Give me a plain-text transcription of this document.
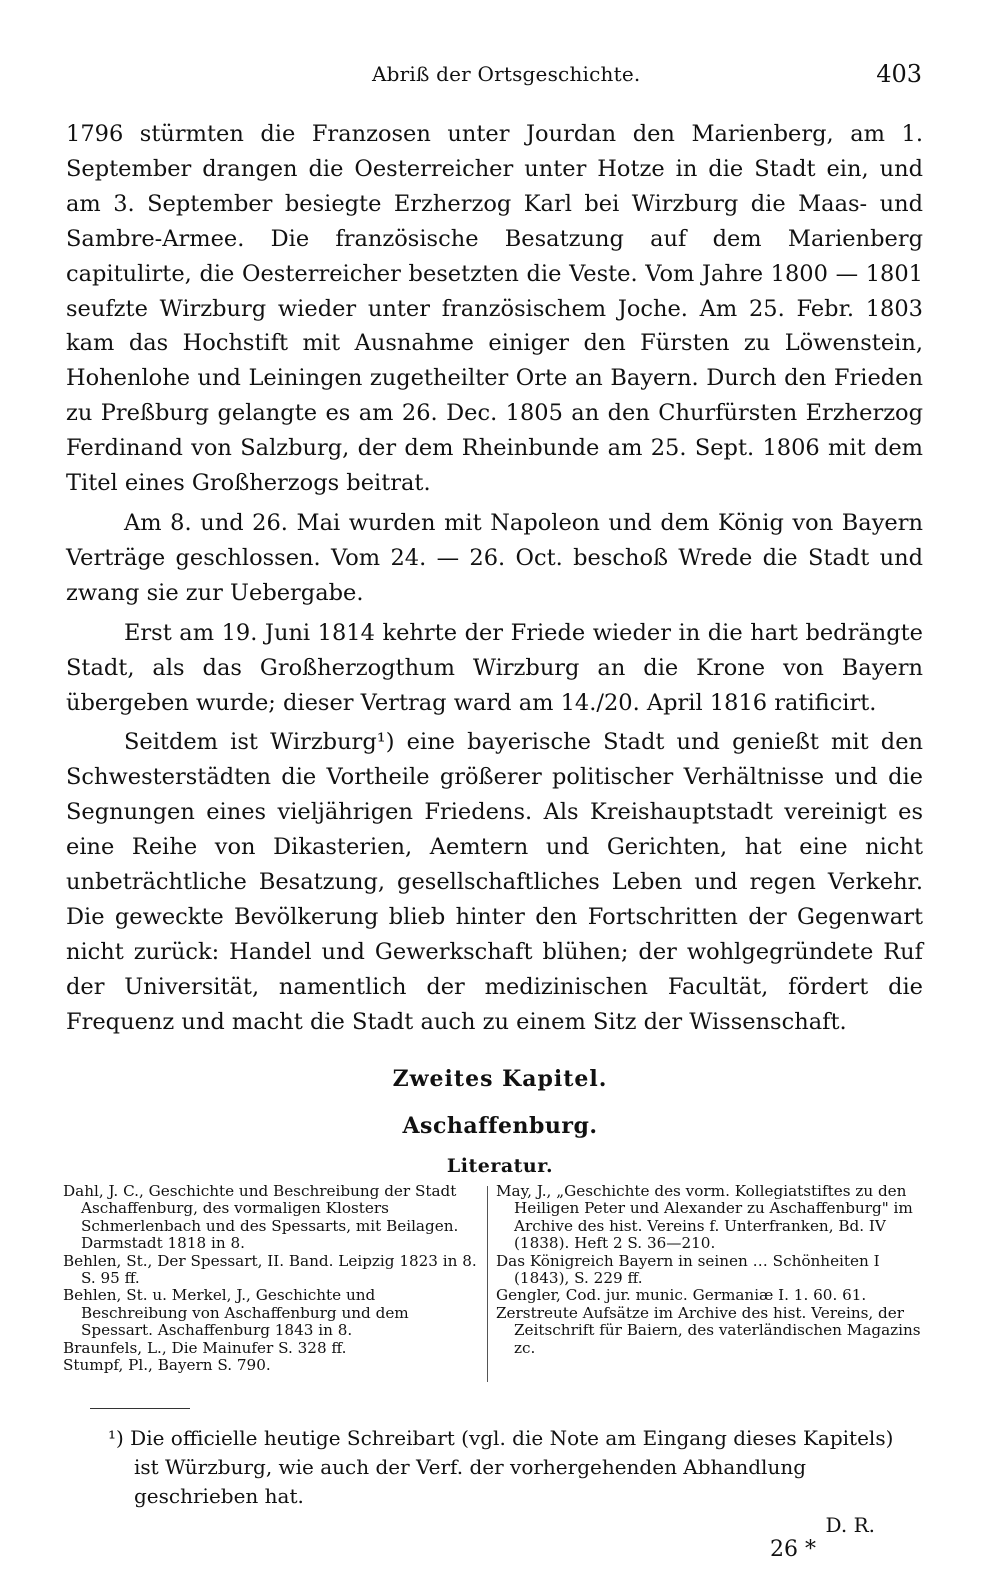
Abriß der Ortsgeschichte.	403

1796 stürmten die Franzosen unter Jourdan den Marienberg, am 1. September drangen die Oesterreicher unter Hotze in die Stadt ein, und am 3. September besiegte Erzherzog Karl bei Wirzburg die Maas- und Sambre-Armee. Die französische Besatzung auf dem Marienberg capitulirte, die Oesterreicher besetzten die Veste. Vom Jahre 1800 — 1801 seufzte Wirzburg wieder unter französischem Joche. Am 25. Febr. 1803 kam das Hochstift mit Ausnahme einiger den Fürsten zu Löwenstein, Hohenlohe und Leiningen zugetheilter Orte an Bayern. Durch den Frieden zu Preßburg gelangte es am 26. Dec. 1805 an den Churfürsten Erzherzog Ferdinand von Salzburg, der dem Rheinbunde am 25. Sept. 1806 mit dem Titel eines Großherzogs beitrat.

Am 8. und 26. Mai wurden mit Napoleon und dem König von Bayern Verträge geschlossen. Vom 24. — 26. Oct. beschoß Wrede die Stadt und zwang sie zur Uebergabe.

Erst am 19. Juni 1814 kehrte der Friede wieder in die hart bedrängte Stadt, als das Großherzogthum Wirzburg an die Krone von Bayern übergeben wurde; dieser Vertrag ward am 14./20. April 1816 ratificirt.

Seitdem ist Wirzburg¹) eine bayerische Stadt und genießt mit den Schwesterstädten die Vortheile größerer politischer Verhältnisse und die Segnungen eines vieljährigen Friedens. Als Kreishauptstadt vereinigt es eine Reihe von Dikasterien, Aemtern und Gerichten, hat eine nicht unbeträchtliche Besatzung, gesellschaftliches Leben und regen Verkehr. Die geweckte Bevölkerung blieb hinter den Fortschritten der Gegenwart nicht zurück: Handel und Gewerkschaft blühen; der wohlgegründete Ruf der Universität, namentlich der medizinischen Facultät, fördert die Frequenz und macht die Stadt auch zu einem Sitz der Wissenschaft.

Zweites Kapitel.
Aschaffenburg.
Literatur.

Dahl, J. C., Geschichte und Beschreibung der Stadt Aschaffenburg, des vormaligen Klosters Schmerlenbach und des Spessarts, mit Beilagen. Darmstadt 1818 in 8.

Behlen, St., Der Spessart, II. Band. Leipzig 1823 in 8. S. 95 ff.

Behlen, St. u. Merkel, J., Geschichte und Beschreibung von Aschaffenburg und dem Spessart. Aschaffenburg 1843 in 8.

Braunfels, L., Die Mainufer S. 328 ff.

Stumpf, Pl., Bayern S. 790.

May, J., „Geschichte des vorm. Kollegiatstiftes zu den Heiligen Peter und Alexander zu Aschaffenburg" im Archive des hist. Vereins f. Unterfranken, Bd. IV (1838). Heft 2 S. 36—210.

Das Königreich Bayern in seinen … Schönheiten I (1843), S. 229 ff.

Gengler, Cod. jur. munic. Germaniæ I. 1. 60. 61.

Zerstreute Aufsätze im Archive des hist. Vereins, der Zeitschrift für Baiern, des vaterländischen Magazins zc.

¹) Die officielle heutige Schreibart (vgl. die Note am Eingang dieses Kapitels)
ist Würzburg, wie auch der Verf. der vorhergehenden Abhandlung geschrieben hat.
D. R.
26 *
